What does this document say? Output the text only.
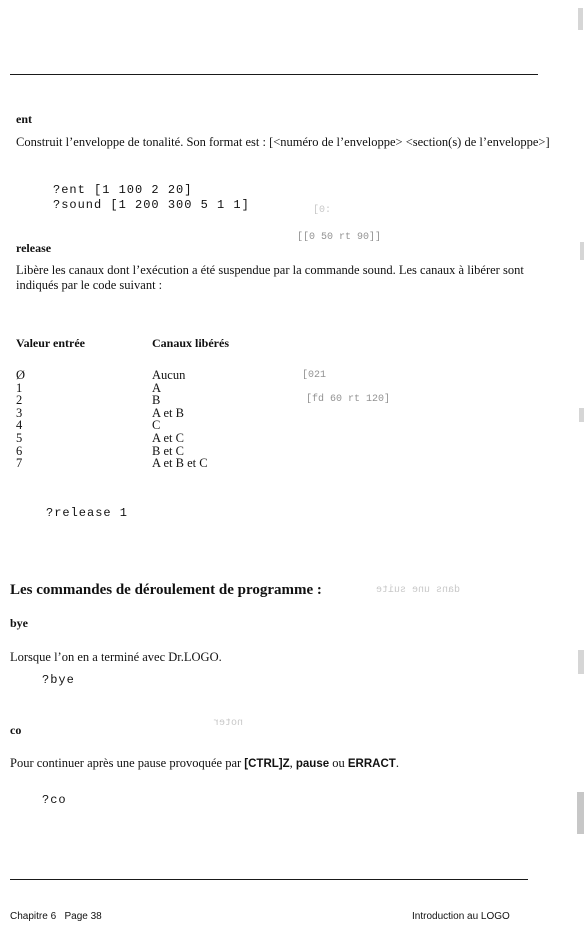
ent
Construit l’enveloppe de tonalité. Son format est : [<numéro de l’enveloppe> <section(s) de l’enveloppe>]
?ent [1 100 2 20]
?sound [1 200 300 5 1 1]
release
Libère les canaux dont l’exécution a été suspendue par la commande sound. Les canaux à libérer sont indiqués par le code suivant :
Valeur entrée	Canaux libérés
Ø
1
2
3
4
5
6
7
Aucun
A
B
A et B
C
A et C
B et C
A et B et C
?release 1
Les commandes de déroulement de programme :
bye
Lorsque l’on en a terminé avec Dr.LOGO.
?bye
co
Pour continuer après une pause provoquée par [CTRL]Z, pause ou ERRACT.
?co
[0:
[[0 50 rt 90]]
[021
[fd 60 rt 120]
dans une suite
noter
Chapitre 6   Page 38	Introduction au LOGO
